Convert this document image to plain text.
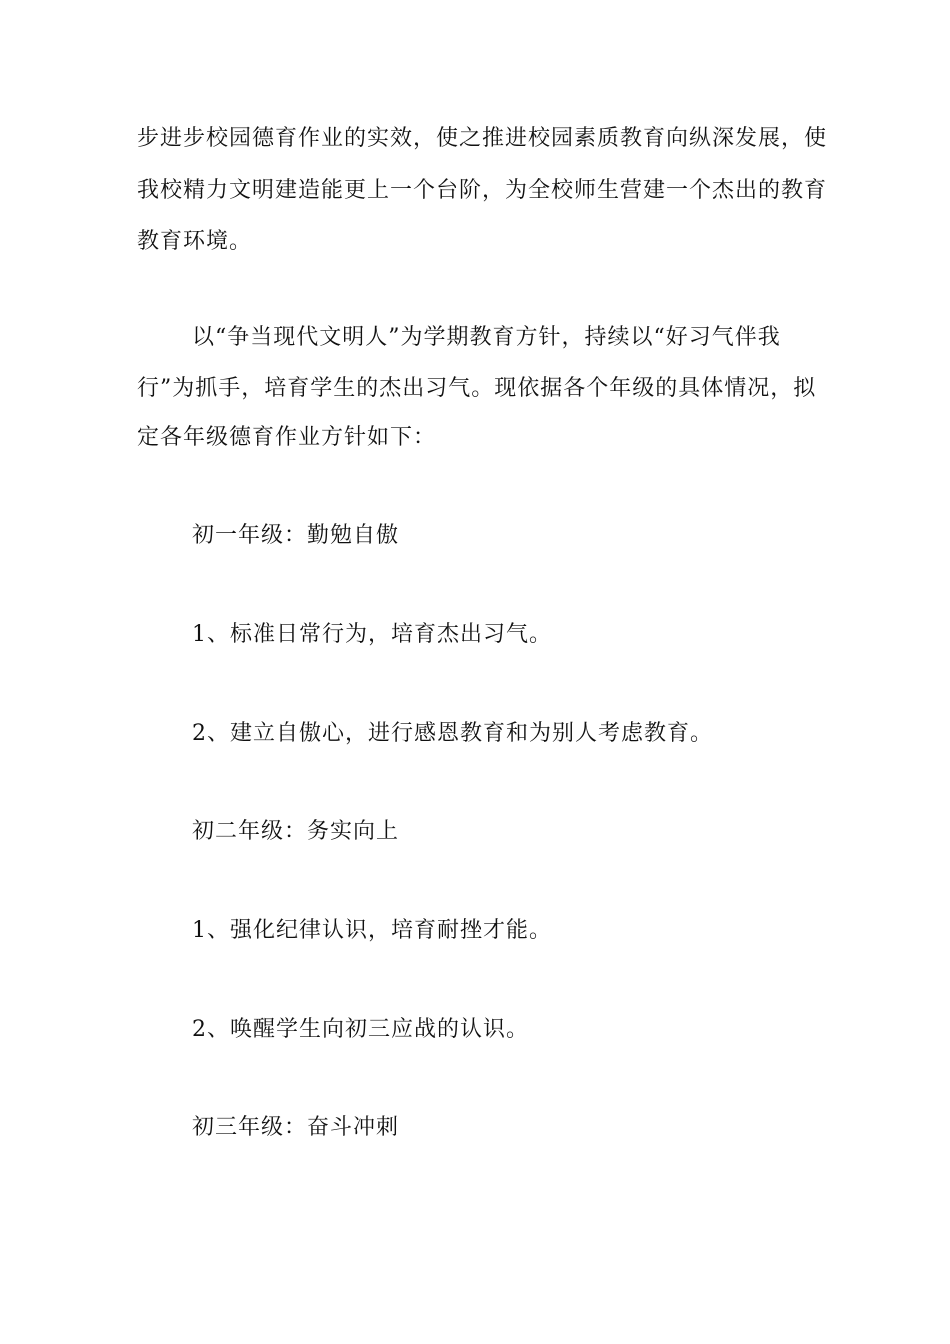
步进步校园德育作业的实效，使之推进校园素质教育向纵深发展，使
我校精力文明建造能更上一个台阶，为全校师生营建一个杰出的教育
教育环境。
以“争当现代文明人”为学期教育方针，持续以“好习气伴我
行”为抓手，培育学生的杰出习气。现依据各个年级的具体情况，拟
定各年级德育作业方针如下：
初一年级：勤勉自傲
1、标准日常行为，培育杰出习气。
2、建立自傲心，进行感恩教育和为别人考虑教育。
初二年级：务实向上
1、强化纪律认识，培育耐挫才能。
2、唤醒学生向初三应战的认识。
初三年级：奋斗冲刺
